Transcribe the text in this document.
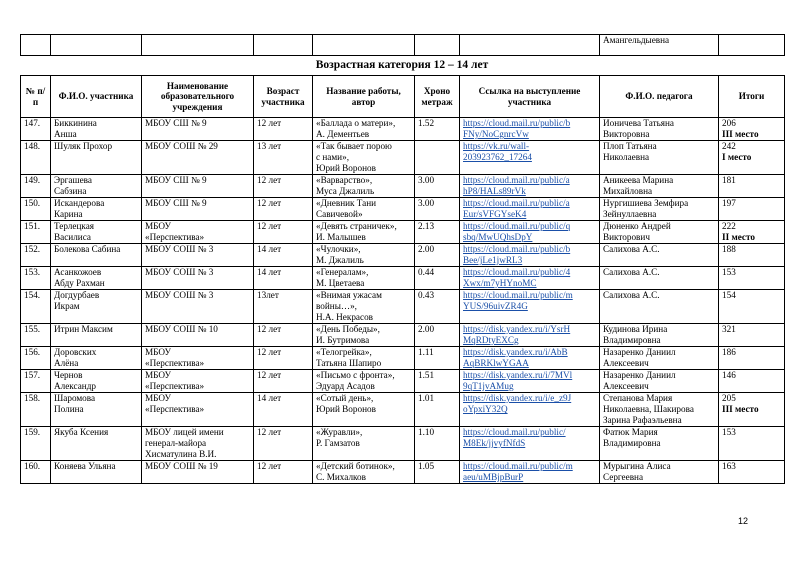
							Амангельдыевна	
Возрастная категория 12 – 14 лет
№ п/п	Ф.И.О. участника	Наименование образовательного учреждения	Возраст участника	Название работы, автор	Хроно метраж	Ссылка на выступление участника	Ф.И.О. педагога	Итоги

147.	Биккинина
Анша	МБОУ СШ № 9	12 лет	«Баллада о матери»,
А. Дементьев	1.52	https://cloud.mail.ru/public/b
FNy/NoCgnrcVw	Ионичева Татьяна
Викторовна	206
III место

148.	Шуляк Прохор	МБОУ СОШ № 29	13 лет	«Так бывает порою
с нами»,
Юрий Воронов		https://vk.ru/wall-
203923762_17264	Плоп Татьяна
Николаевна	242
I место

149.	Эргашева
Сабзина	МБОУ СШ № 9	12 лет	«Варварство»,
Муса Джалиль	3.00	https://cloud.mail.ru/public/a
hP8/HALs89rVk	Аникеева Марина
Михайловна	181

150.	Искандерова
Карина	МБОУ СШ № 9	12 лет	«Дневник Тани
Савичевой»	3.00	https://cloud.mail.ru/public/a
Eur/sVFGYseK4	Нургишиева Земфира
Зейнуллаевна	197

151.	Терлецкая
Василиса	МБОУ
«Перспектива»	12 лет	«Девять страничек»,
И. Малышев	2.13	https://cloud.mail.ru/public/q
sbq/MwUQhsDpY	Дюненко Андрей
Викторович	222
II место

152.	Болекова Сабина	МБОУ СОШ № 3	14 лет	«Чулочки»,
М. Джалиль	2.00	https://cloud.mail.ru/public/b
Bee/jLe1jwRL3	Салихова А.С.	188

153.	Асанкожоев
Абду Рахман	МБОУ СОШ № 3	14 лет	«Генералам»,
М. Цветаева	0.44	https://cloud.mail.ru/public/4
Xwx/m7yHYnoMC	Салихова А.С.	153

154.	Догдурбаев
Икрам	МБОУ СОШ № 3	13лет	«Внимая ужасам
войны…»,
Н.А. Некрасов	0.43	https://cloud.mail.ru/public/m
YUS/96uivZR4G	Салихова А.С.	154

155.	Итрин Максим	МБОУ СОШ № 10	12 лет	«День Победы»,
И. Бутримова	2.00	https://disk.yandex.ru/i/YsrH
MqRDtyEXCg	Кудинова Ирина
Владимировна	321

156.	Доровских
Алёна	МБОУ
«Перспектива»	12 лет	«Телогрейка»,
Татьяна Шапиро	1.11	https://disk.yandex.ru/i/AbB
AqBRKlwYGAA	Назаренко Даниил
Алексеевич	186

157.	Чернов
Александр	МБОУ
«Перспектива»	12 лет	«Письмо с фронта»,
Эдуард Асадов	1.51	https://disk.yandex.ru/i/7MVl
9qT1jvAMug	Назаренко Даниил
Алексеевич	146

158.	Шаромова
Полина	МБОУ
«Перспектива»	14 лет	«Сотый день»,
Юрий Воронов	1.01	https://disk.yandex.ru/i/e_z9J
oYpxiY32Q	Степанова Мария
Николаевна, Шакирова
Зарина Рафаэльевна	205
III место

159.	Якуба Ксения	МБОУ лицей имени
генерал-майора
Хисматулина В.И.	12 лет	«Журавли»,
Р. Гамзатов	1.10	https://cloud.mail.ru/public/
M8Ek/jjvyfNfdS	Фатюк Мария
Владимировна	153

160.	Коняева Ульяна	МБОУ СОШ № 19	12 лет	«Детский ботинок»,
С. Михалков	1.05	https://cloud.mail.ru/public/m
aeu/uMBjpBurP	Мурыгина Алиса
Сергеевна	163
12
